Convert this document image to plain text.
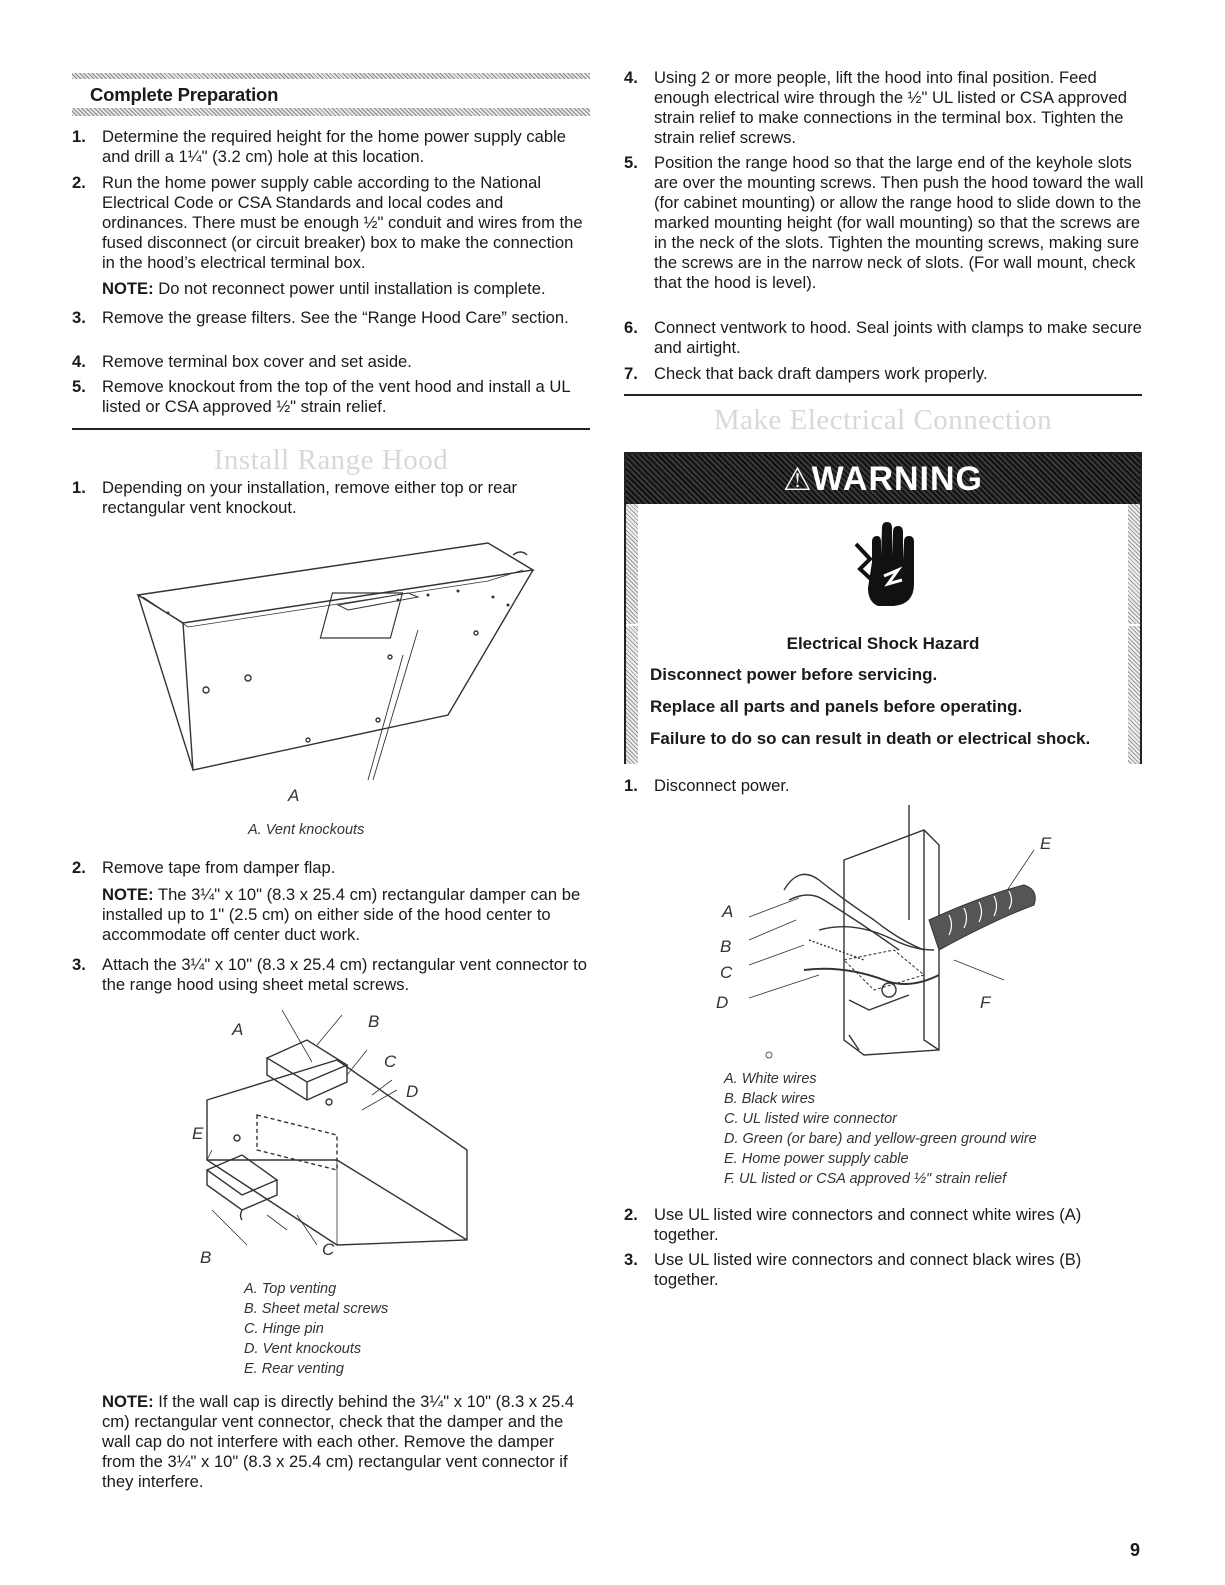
Complete Preparation
1. Determine the required height for the home power supply cable and drill a 1¼" (3.2 cm) hole at this location.
2. Run the home power supply cable according to the National Electrical Code or CSA Standards and local codes and ordinances. There must be enough ½" conduit and wires from the fused disconnect (or circuit breaker) box to make the connection in the hood’s electrical terminal box.
NOTE: Do not reconnect power until installation is complete.
3. Remove the grease filters. See the “Range Hood Care” section.
4. Remove terminal box cover and set aside.
5. Remove knockout from the top of the vent hood and install a UL listed or CSA approved ½" strain relief.
Install Range Hood
1. Depending on your installation, remove either top or rear rectangular vent knockout.
A
A. Vent knockouts
2. Remove tape from damper flap.
NOTE: The 3¼" x 10" (8.3 x 25.4 cm) rectangular damper can be installed up to 1" (2.5 cm) on either side of the hood center to accommodate off center duct work.
3. Attach the 3¼" x 10" (8.3 x 25.4 cm) rectangular vent connector to the range hood using sheet metal screws.
A	B
C
D
E
B	C
A. Top venting
B. Sheet metal screws
C. Hinge pin
D. Vent knockouts
E. Rear venting
NOTE: If the wall cap is directly behind the 3¼" x 10" (8.3 x 25.4 cm) rectangular vent connector, check that the damper and the wall cap do not interfere with each other. Remove the damper from the 3¼" x 10" (8.3 x 25.4 cm) rectangular vent connector if they interfere.
4. Using 2 or more people, lift the hood into final position. Feed enough electrical wire through the ½" UL listed or CSA approved strain relief to make connections in the terminal box. Tighten the strain relief screws.
5. Position the range hood so that the large end of the keyhole slots are over the mounting screws. Then push the hood toward the wall (for cabinet mounting) or allow the range hood to slide down to the marked mounting height (for wall mounting) so that the screws are in the neck of the slots. Tighten the mounting screws, making sure the screws are in the narrow neck of slots. (For wall mount, check that the hood is level).
6. Connect ventwork to hood. Seal joints with clamps to make secure and airtight.
7. Check that back draft dampers work properly.
Make Electrical Connection
⚠WARNING
Electrical Shock Hazard
Disconnect power before servicing.
Replace all parts and panels before operating.
Failure to do so can result in death or electrical shock.
1. Disconnect power.
A
B
C
D
E
F
A. White wires
B. Black wires
C. UL listed wire connector
D. Green (or bare) and yellow-green ground wire
E. Home power supply cable
F. UL listed or CSA approved ½" strain relief
2. Use UL listed wire connectors and connect white wires (A) together.
3. Use UL listed wire connectors and connect black wires (B) together.
9
